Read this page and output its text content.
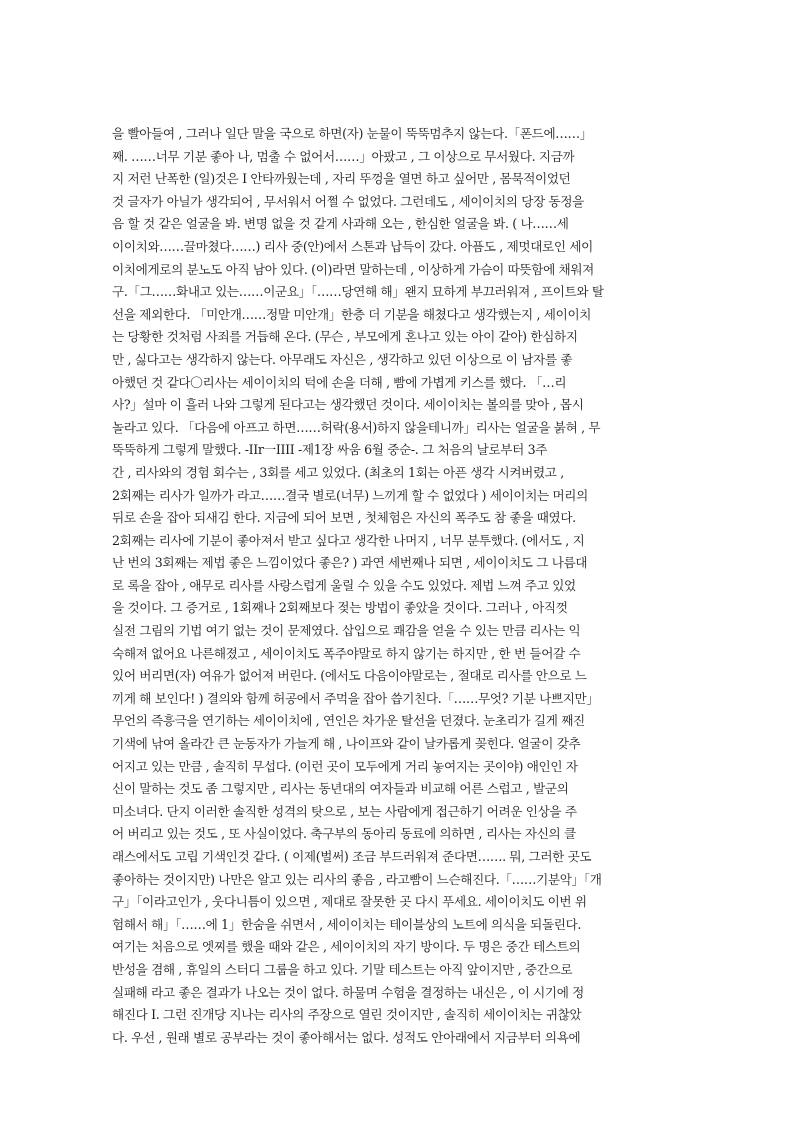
을 빨아들여 , 그러나 일단 말을 국으로 하면(자) 눈물이 뚝뚝멈추지 않는다.「폰드에……」
째. ……너무 기분 좋아 나, 멈출 수 없어서……」아팠고 , 그 이상으로 무서웠다. 지금까
지 저런 난폭한 (일)것은 I 안타까웠는데 , 자리 뚜껑을 열면 하고 싶어만 , 몸묵적이었던
것 글자가 아닐가 생각되어 , 무서워서 어쩔 수 없었다. 그런데도 , 세이이치의 당장 동정을
음 할 것 같은 얼굴을 봐. 변명 없을 것 같게 사과해 오는 , 한심한 얼굴을 봐. ( 나……세
이이치와……끌마쳤다……) 리사 중(안)에서 스톤과 납득이 갔다. 아픔도 , 제멋대로인 세이
이치에게로의 분노도 아직 남아 있다. (이)라면 말하는데 , 이상하게 가슴이 따뜻함에 채워져
구.「그……화내고 있는……이군요」「……당연해 해」왠지 묘하게 부끄러워져 , 프이트와 탈
선을 제외한다. 「미안개……정말 미안개」한층 더 기분을 해쳤다고 생각했는지 , 세이이치
는 당황한 것처럼 사죄를 거듭해 온다. (무슨 , 부모에게 혼나고 있는 아이 같아) 한심하지
만 , 싫다고는 생각하지 않는다. 아무래도 자신은 , 생각하고 있던 이상으로 이 남자를 좋
아했던 것 같다〇리사는 세이이치의 턱에 손을 더해 , 빰에 가볍게 키스를 했다. 「…리
사?」설마 이 흘러 나와 그렇게 된다고는 생각했던 것이다. 세이이치는 볼의를 맞아 , 몹시
놀라고 있다. 「다음에 아프고 하면……허락(용서)하지 않을테니까」리사는 얼굴을 붉혀 , 무
뚝뚝하게 그렇게 말했다. -IIr一IIII -제1장 싸움 6월 중순-. 그 처음의 날로부터 3주
간 , 리사와의 경험 회수는 , 3회를 세고 있었다. (최초의 1회는 아픈 생각 시켜버렸고 ,
2회째는 리사가 일까가 라고……결국 별로(너무) 느끼게 할 수 없었다 ) 세이이치는 머리의
뒤로 손을 잡아 되새김 한다. 지금에 되어 보면 , 첫체험은 자신의 폭주도 참 좋을 때였다.
2회째는 리사에 기분이 좋아져서 받고 싶다고 생각한 나머지 , 너무 분투했다. (에서도 , 지
난 번의 3회째는 제법 좋은 느낌이었다 좋은? ) 과연 세번째나 되면 , 세이이치도 그 나름대
로 록을 잡아 , 애무로 리사를 사랑스럽게 울릴 수 있을 수도 있었다. 제법 느껴 주고 있었
을 것이다. 그 증거로 , 1회째나 2회째보다 젖는 방법이 좋았을 것이다. 그러나 , 아직껏
실전 그림의 기법 여기 없는 것이 문제였다. 삽입으로 쾌감을 얻을 수 있는 만큼 리사는 익
숙해져 없어요 나른해졌고 , 세이이치도 폭주야말로 하지 않기는 하지만 , 한 번 들어갈 수
있어 버리면(자) 여유가 없어져 버린다. (에서도 다음이야말로는 , 절대로 리사를 안으로 느
끼게 해 보인다! ) 결의와 함께 허공에서 주먹을 잡아 씁기친다.「……무엇? 기분 나쁘지만」
무언의 즉흥극을 연기하는 세이이치에 , 연인은 차가운 탈선을 던졌다. 눈초리가 길게 째진
기색에 낚여 올라간 큰 눈동자가 가늘게 해 , 나이프와 같이 날카롭게 꽂힌다. 얼굴이 갖추
어지고 있는 만큼 , 솔직히 무섭다. (이런 곳이 모두에게 거리 놓여지는 곳이야) 애인인 자
신이 말하는 것도 좀 그렇지만 , 리사는 동년대의 여자들과 비교해 어른 스럽고 , 발군의
미소녀다. 단지 이러한 솔직한 성격의 탓으로 , 보는 사람에게 접근하기 어려운 인상을 주
어 버리고 있는 것도 , 또 사실이었다. 축구부의 동아리 동료에 의하면 , 리사는 자신의 클
래스에서도 고립 기색인것 같다. ( 이제(벌써) 조금 부드러워져 준다면……. 뭐, 그러한 곳도
좋아하는 것이지만) 나만은 알고 있는 리사의 좋음 , 라고빰이 느슨해진다.「……기분악」「개
구」「이라고인가 , 웃다니틈이 있으면 , 제대로 잘못한 곳 다시 푸세요. 세이이치도 이번 위
험해서 해」「……에 1」한숨을 쉬면서 , 세이이치는 테이블상의 노트에 의식을 되돌린다.
여기는 처음으로 엣찌를 했을 때와 같은 , 세이이치의 자기 방이다. 두 명은 중간 테스트의
반성을 겸해 , 휴일의 스터디 그룹을 하고 있다. 기말 테스트는 아직 앞이지만 , 중간으로
실패해 라고 좋은 결과가 나오는 것이 없다. 하물며 수험을 결정하는 내신은 , 이 시기에 정
해진다 I. 그런 진개당 지나는 리사의 주장으로 열린 것이지만 , 솔직히 세이이치는 귀찮았
다. 우선 , 원래 별로 공부라는 것이 좋아해서는 없다. 성적도 안아래에서 지금부터 의욕에
